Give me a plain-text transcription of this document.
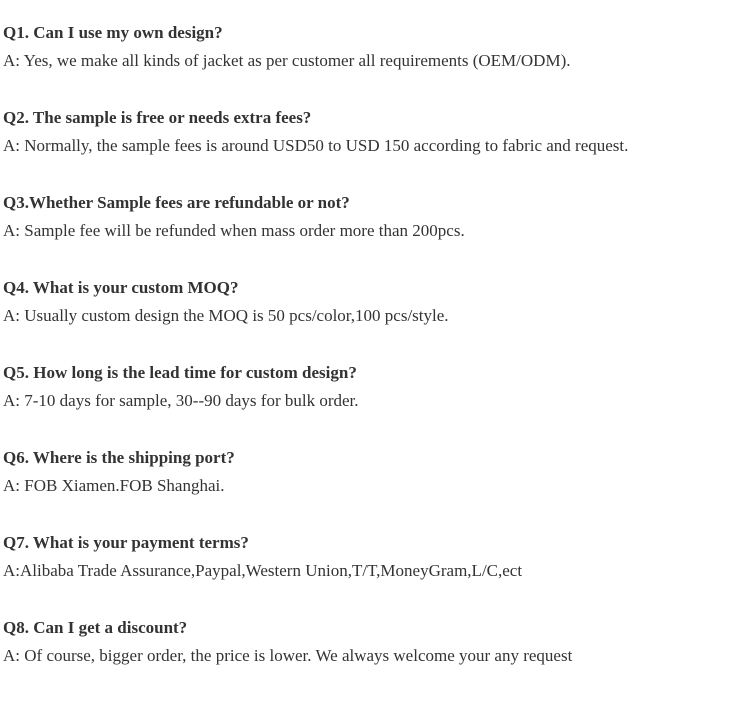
Q1. Can I use my own design?

A: Yes, we make all kinds of jacket as per customer all requirements (OEM/ODM).

Q2. The sample is free or needs extra fees?

A: Normally, the sample fees is around USD50 to USD 150 according to fabric and request.

Q3.Whether Sample fees are refundable or not?

A: Sample fee will be refunded when mass order more than 200pcs.

Q4. What is your custom MOQ?

A: Usually custom design the MOQ is 50 pcs/color,100 pcs/style.

Q5. How long is the lead time for custom design?

A: 7-10 days for sample, 30--90 days for bulk order.

Q6. Where is the shipping port?

A: FOB Xiamen.FOB Shanghai.

Q7. What is your payment terms?

A:Alibaba Trade Assurance,Paypal,Western Union,T/T,MoneyGram,L/C,ect

Q8. Can I get a discount?

A: Of course, bigger order, the price is lower. We always welcome your any request
